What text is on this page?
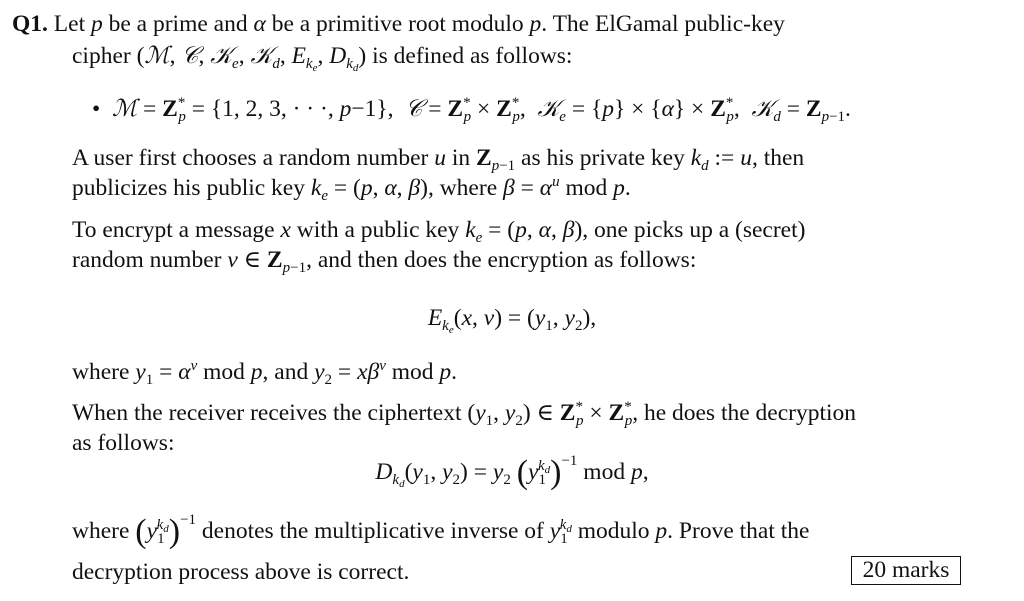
Q1. Let p be a prime and α be a primitive root modulo p. The ElGamal public-key
cipher (ℳ, 𝒞, 𝒦$_e$, 𝒦$_d$, $E_{k_e}$, $D_{k_d}$) is defined as follows:
• ℳ = $Z^*_p = \{1$, 2, 3, · · ·, p−1},  𝒞 = $Z^*_p \times Z^*_p$,  𝒦$_e$ = $\{p\} \times \{\alpha\} \times Z^*_p$,  𝒦$_d$ = $Z_{p-1}$.
A user first chooses a random number u in $Z_{p-1}$ as his private key $k_d$ := u, then
publicizes his public key $k_e = (p$, α, β), where $\beta = \alpha^u$ mod p.
To encrypt a message x with a public key $k_e = (p$, α, β), one picks up a (secret)
random number v ∈ $Z_{p-1}$, and then does the encryption as follows:
$E_{k_e}(x$, $v) = (y_1$, $y_2$),
where $y_1 = \alpha^v$ mod p, and $y_2 = x\beta^v$ mod p.
When the receiver receives the ciphertext ($y_1$, $y_2$) ∈ $Z^*_p \times Z^*_p$, he does the decryption
as follows:
$D_{k_d}(y_1$, $y_2) = y_2$ $(y_1^{k_d})^{-1}$ mod p,
where $(y_1^{k_d})^{-1}$ denotes the multiplicative inverse of $y_1^{k_d}$ modulo p. Prove that the
decryption process above is correct.	20 marks
